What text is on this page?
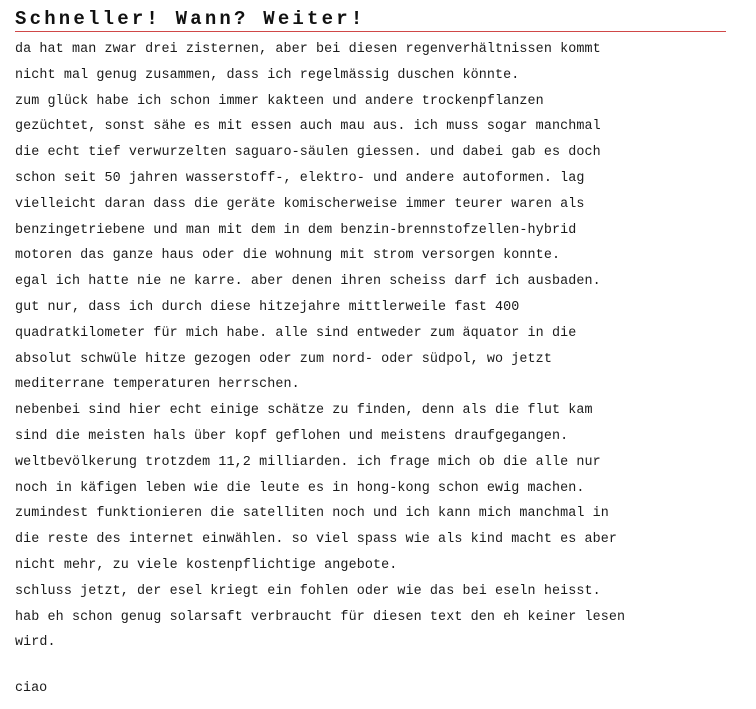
Schneller! Wann? Weiter!
da hat man zwar drei zisternen, aber bei diesen regenverhältnissen kommt
nicht mal genug zusammen, dass ich regelmässig duschen könnte.
zum glück habe ich schon immer kakteen und andere trockenpflanzen
gezüchtet, sonst sähe es mit essen auch mau aus. ich muss sogar manchmal
die echt tief verwurzelten saguaro-säulen giessen. und dabei gab es doch
schon seit 50 jahren wasserstoff-, elektro- und andere autoformen. lag
vielleicht daran dass die geräte komischerweise immer teurer waren als
benzingetriebene und man mit dem in dem benzin-brennstofzellen-hybrid
motoren das ganze haus oder die wohnung mit strom versorgen konnte.
egal ich hatte nie ne karre. aber denen ihren scheiss darf ich ausbaden.
gut nur, dass ich durch diese hitzejahre mittlerweile fast 400
quadratkilometer für mich habe. alle sind entweder zum äquator in die
absolut schwüle hitze gezogen oder zum nord- oder südpol, wo jetzt
mediterrane temperaturen herrschen.
nebenbei sind hier echt einige schätze zu finden, denn als die flut kam
sind die meisten hals über kopf geflohen und meistens draufgegangen.
weltbevölkerung trotzdem 11,2 milliarden. ich frage mich ob die alle nur
noch in käfigen leben wie die leute es in hong-kong schon ewig machen.
zumindest funktionieren die satelliten noch und ich kann mich manchmal in
die reste des internet einwählen. so viel spass wie als kind macht es aber
nicht mehr, zu viele kostenpflichtige angebote.
schluss jetzt, der esel kriegt ein fohlen oder wie das bei eseln heisst.
hab eh schon genug solarsaft verbraucht für diesen text den eh keiner lesen
wird.
ciao
